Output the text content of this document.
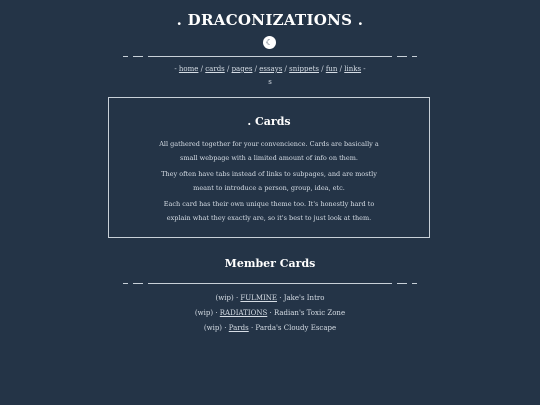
. DRACONIZATIONS .
☾
- home / cards / pages / essays / snippets / fun / links -
s
. Cards
All gathered together for your convencience. Cards are basically a small webpage with a limited amount of info on them.
They often have tabs instead of links to subpages, and are mostly meant to introduce a person, group, idea, etc.
Each card has their own unique theme too. It's honestly hard to explain what they exactly are, so it's best to just look at them.
Member Cards
(wip) · FULMINE · Jake's Intro
(wip) · RADIATIONS · Radian's Toxic Zone
(wip) · Pards · Parda's Cloudy Escape
